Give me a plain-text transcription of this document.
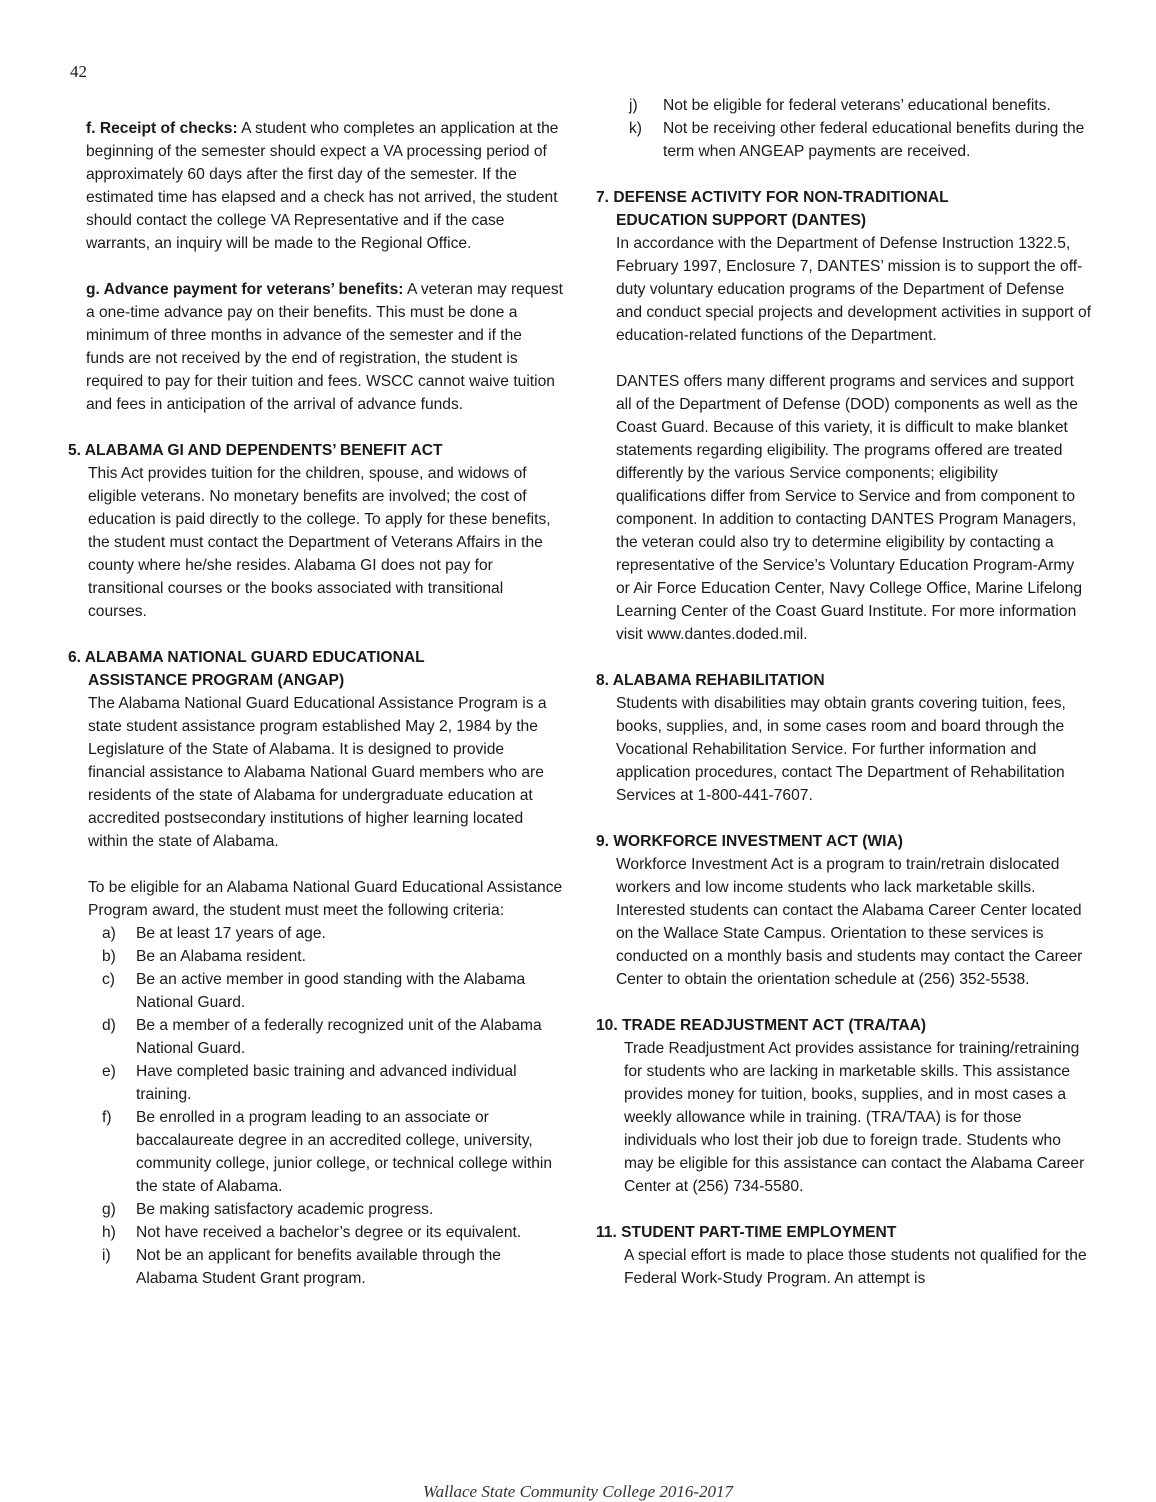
42

f. Receipt of checks: A student who completes an application at the beginning of the semester should expect a VA processing period of approximately 60 days after the first day of the semester. If the estimated time has elapsed and a check has not arrived, the student should contact the college VA Representative and if the case warrants, an inquiry will be made to the Regional Office.

g. Advance payment for veterans’ benefits: A veteran may request a one-time advance pay on their benefits. This must be done a minimum of three months in advance of the semester and if the funds are not received by the end of registration, the student is required to pay for their tuition and fees. WSCC cannot waive tuition and fees in anticipation of the arrival of advance funds.

5. ALABAMA GI AND DEPENDENTS’ BENEFIT ACT

This Act provides tuition for the children, spouse, and widows of eligible veterans. No monetary benefits are involved; the cost of education is paid directly to the college. To apply for these benefits, the student must contact the Department of Veterans Affairs in the county where he/she resides. Alabama GI does not pay for transitional courses or the books associated with transitional courses.

6. ALABAMA NATIONAL GUARD EDUCATIONAL
ASSISTANCE PROGRAM (ANGAP)

The Alabama National Guard Educational Assistance Program is a state student assistance program established May 2, 1984 by the Legislature of the State of Alabama. It is designed to provide financial assistance to Alabama National Guard members who are residents of the state of Alabama for undergraduate education at accredited postsecondary institutions of higher learning located within the state of Alabama.

To be eligible for an Alabama National Guard Educational Assistance Program award, the student must meet the following criteria:

a) Be at least 17 years of age.
b) Be an Alabama resident.
c) Be an active member in good standing with the Alabama National Guard.
d) Be a member of a federally recognized unit of the Alabama National Guard.
e) Have completed basic training and advanced individual training.
f) Be enrolled in a program leading to an associate or baccalaureate degree in an accredited college, university, community college, junior college, or technical college within the state of Alabama.
g) Be making satisfactory academic progress.
h) Not have received a bachelor’s degree or its equivalent.
i) Not be an applicant for benefits available through the Alabama Student Grant program.
j) Not be eligible for federal veterans’ educational benefits.
k) Not be receiving other federal educational benefits during the term when ANGEAP payments are received.

7. DEFENSE ACTIVITY FOR NON-TRADITIONAL
EDUCATION SUPPORT (DANTES)

In accordance with the Department of Defense Instruction 1322.5, February 1997, Enclosure 7, DANTES’ mission is to support the off-duty voluntary education programs of the Department of Defense and conduct special projects and development activities in support of education-related functions of the Department.

DANTES offers many different programs and services and support all of the Department of Defense (DOD) components as well as the Coast Guard. Because of this variety, it is difficult to make blanket statements regarding eligibility. The programs offered are treated differently by the various Service components; eligibility qualifications differ from Service to Service and from component to component. In addition to contacting DANTES Program Managers, the veteran could also try to determine eligibility by contacting a representative of the Service’s Voluntary Education Program-Army or Air Force Education Center, Navy College Office, Marine Lifelong Learning Center of the Coast Guard Institute. For more information visit www.dantes.doded.mil.

8. ALABAMA REHABILITATION

Students with disabilities may obtain grants covering tuition, fees, books, supplies, and, in some cases room and board through the Vocational Rehabilitation Service. For further information and application procedures, contact The Department of Rehabilitation Services at 1-800-441-7607.

9. WORKFORCE INVESTMENT ACT (WIA)

Workforce Investment Act is a program to train/retrain dislocated workers and low income students who lack marketable skills. Interested students can contact the Alabama Career Center located on the Wallace State Campus. Orientation to these services is conducted on a monthly basis and students may contact the Career Center to obtain the orientation schedule at (256) 352-5538.

10. TRADE READJUSTMENT ACT (TRA/TAA)

Trade Readjustment Act provides assistance for training/retraining for students who are lacking in marketable skills. This assistance provides money for tuition, books, supplies, and in most cases a weekly allowance while in training. (TRA/TAA) is for those individuals who lost their job due to foreign trade. Students who may be eligible for this assistance can contact the Alabama Career Center at (256) 734-5580.

11. STUDENT PART-TIME EMPLOYMENT

A special effort is made to place those students not qualified for the Federal Work-Study Program. An attempt is

Wallace State Community College 2016-2017
